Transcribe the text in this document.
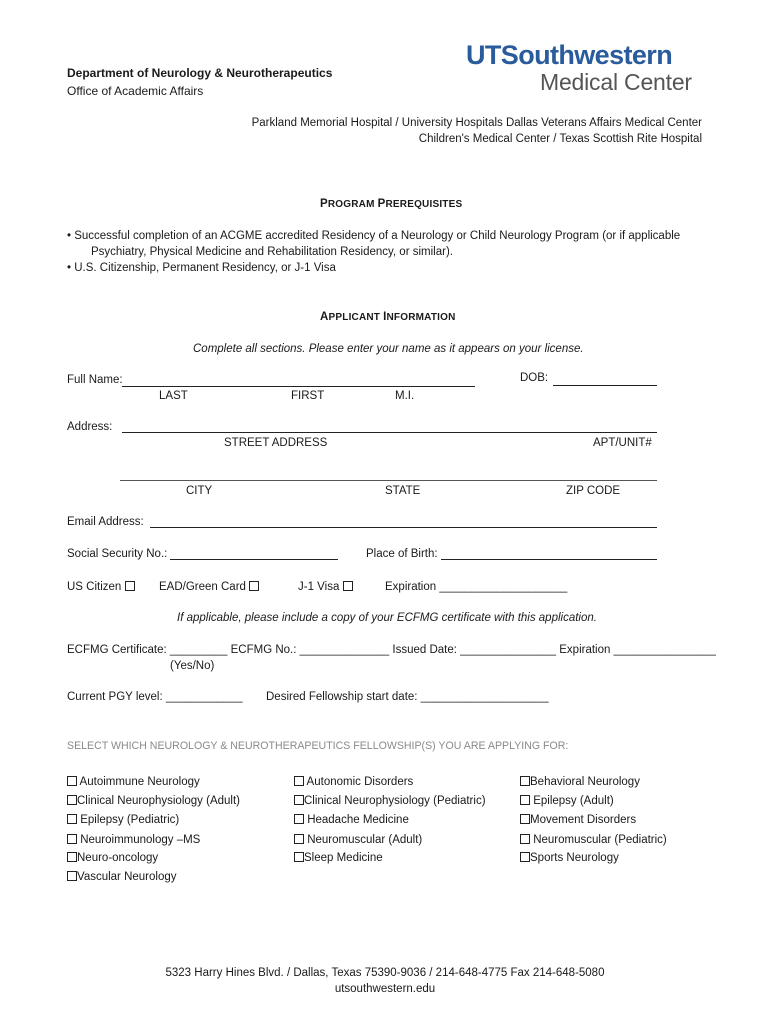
UTSouthwestern
Medical Center
Department of Neurology & Neurotherapeutics
Office of Academic Affairs
Parkland Memorial Hospital / University Hospitals Dallas Veterans Affairs Medical Center
Children's Medical Center / Texas Scottish Rite Hospital
PROGRAM PREREQUISITES
• Successful completion of an ACGME accredited Residency of a Neurology or Child Neurology Program (or if applicable
Psychiatry, Physical Medicine and Rehabilitation Residency, or similar).
• U.S. Citizenship, Permanent Residency, or J-1 Visa
APPLICANT INFORMATION
Complete all sections. Please enter your name as it appears on your license.
Full Name:
LAST	FIRST	M.I.
DOB:
Address:
STREET ADDRESS	APT/UNIT#
CITY	STATE	ZIP CODE
Email Address:
Social Security No.:	Place of Birth:
US Citizen	EAD/Green Card	J-1 Visa	Expiration ____________________
If applicable, please include a copy of your ECFMG certificate with this application.
ECFMG Certificate: _________ ECFMG No.: ______________ Issued Date: _______________ Expiration ________________
(Yes/No)
Current PGY level: ____________ Desired Fellowship start date: ____________________
SELECT WHICH NEUROLOGY & NEUROTHERAPEUTICS FELLOWSHIP(S) YOU ARE APPLYING FOR:
Autoimmune Neurology
Clinical Neurophysiology (Adult)
Epilepsy (Pediatric)
Neuroimmunology –MS
Neuro-oncology
Vascular Neurology
Autonomic Disorders
Clinical Neurophysiology (Pediatric)
Headache Medicine
Neuromuscular (Adult)
Sleep Medicine
Behavioral Neurology
Epilepsy (Adult)
Movement Disorders
Neuromuscular (Pediatric)
Sports Neurology
5323 Harry Hines Blvd. / Dallas, Texas 75390-9036 / 214-648-4775 Fax 214-648-5080
utsouthwestern.edu
